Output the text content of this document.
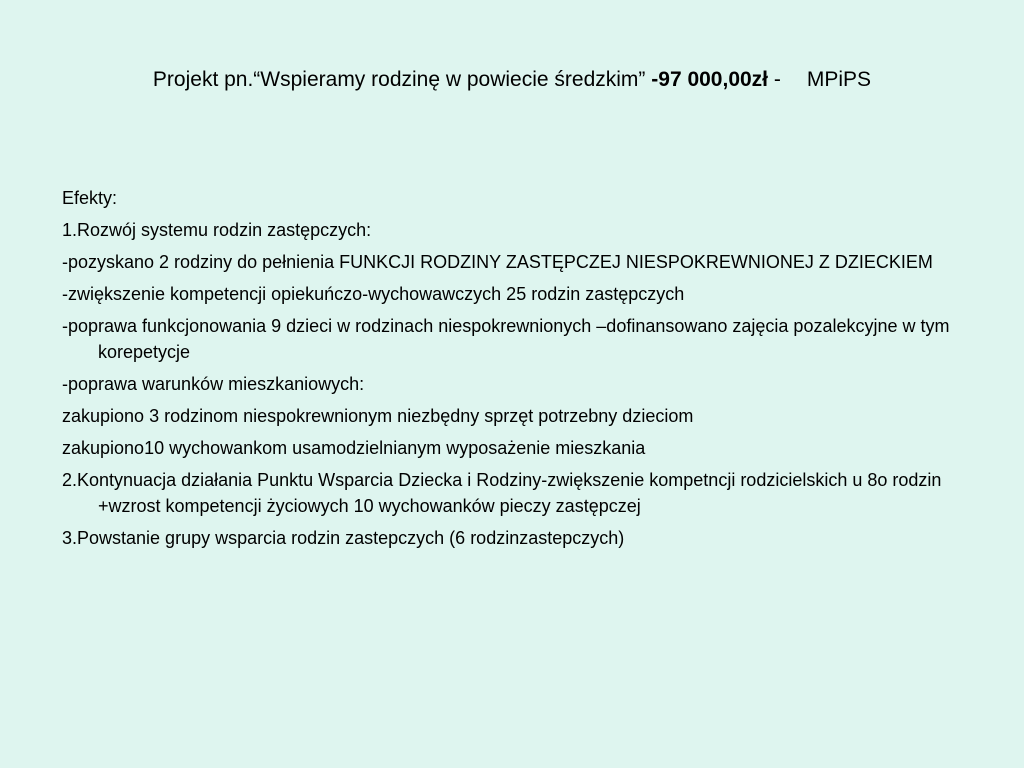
Projekt pn.“Wspieramy rodzinę w powiecie średzkim” -97 000,00zł - MPiPS
Efekty:
1.Rozwój systemu rodzin zastępczych:
-pozyskano 2 rodziny do pełnienia FUNKCJI RODZINY ZASTĘPCZEJ NIESPOKREWNIONEJ Z DZIECKIEM
-zwiększenie kompetencji opiekuńczo-wychowawczych 25 rodzin zastępczych
-poprawa funkcjonowania 9 dzieci w rodzinach niespokrewnionych –dofinansowano zajęcia pozalekcyjne w tym korepetycje
-poprawa warunków mieszkaniowych:
zakupiono 3 rodzinom niespokrewnionym niezbędny sprzęt potrzebny dzieciom
zakupiono10 wychowankom usamodzielnianym wyposażenie mieszkania
2.Kontynuacja działania Punktu Wsparcia Dziecka i Rodziny-zwiększenie kompetncji rodzicielskich u 8o rodzin +wzrost kompetencji życiowych 10 wychowanków pieczy zastępczej
3.Powstanie grupy wsparcia rodzin zastepczych (6 rodzinzastepczych)
